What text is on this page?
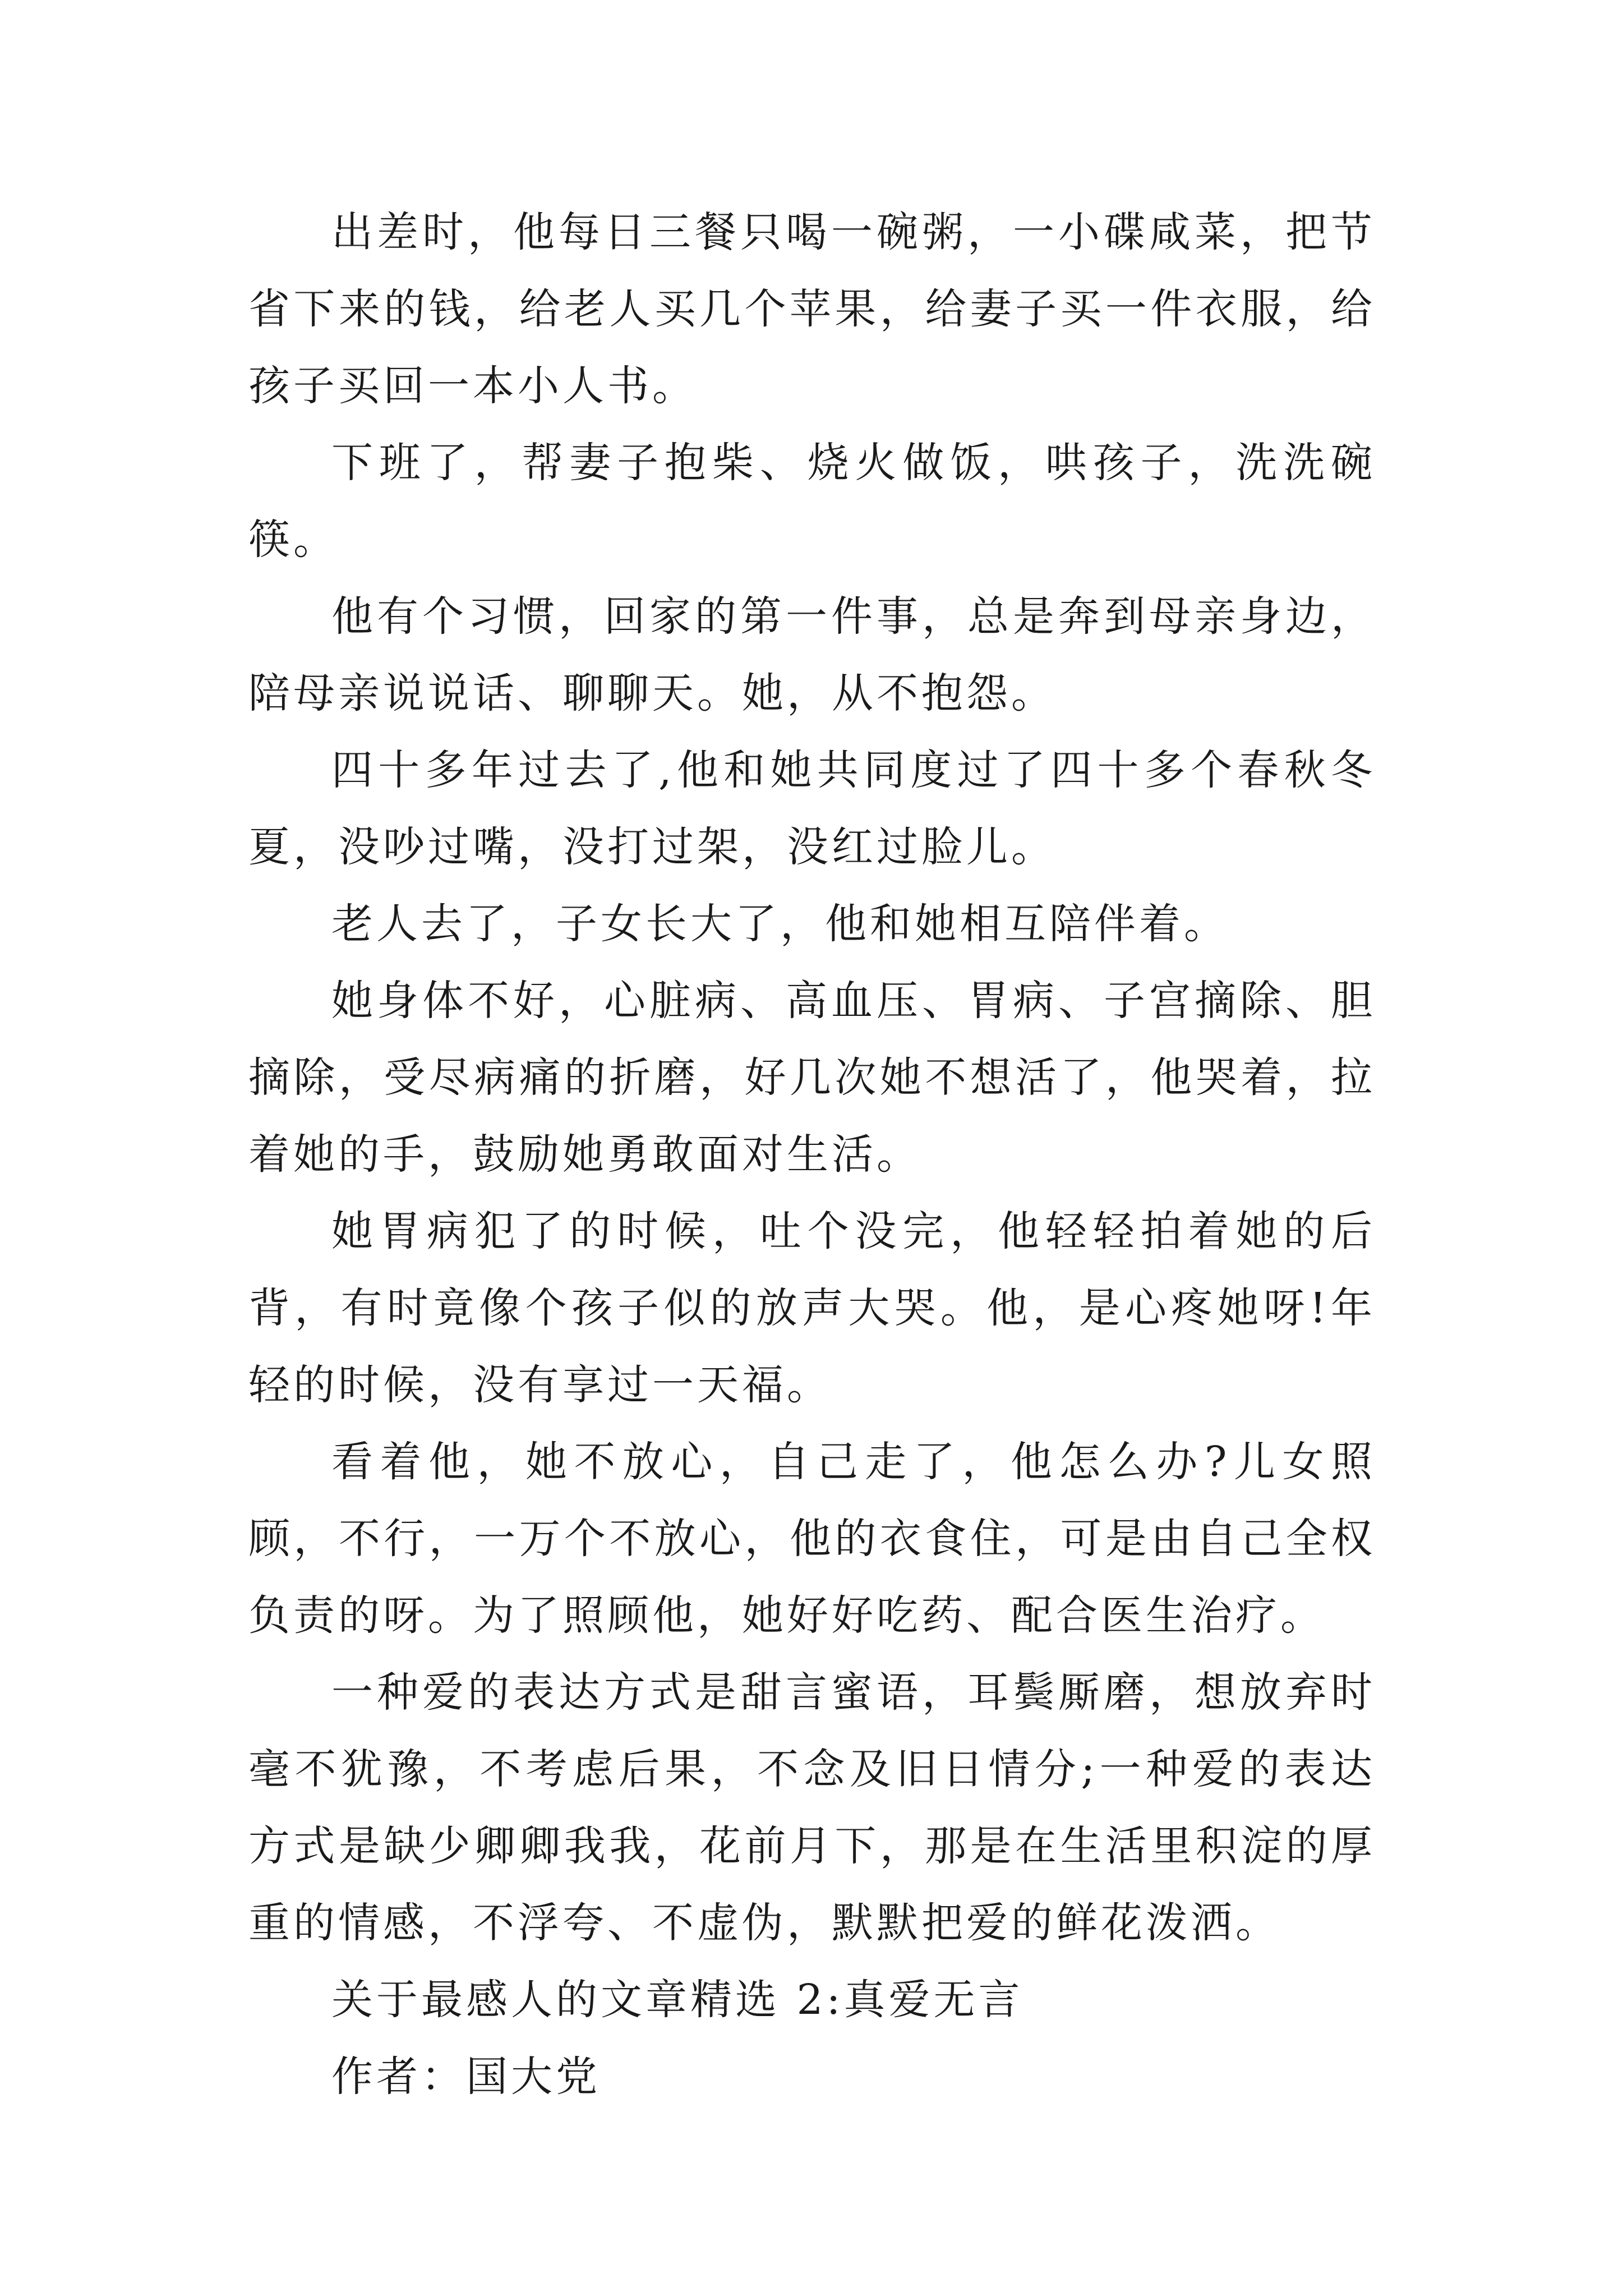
出差时，他每日三餐只喝一碗粥，一小碟咸菜，把节省下来的钱，给老人买几个苹果，给妻子买一件衣服，给孩子买回一本小人书。

下班了，帮妻子抱柴、烧火做饭，哄孩子，洗洗碗筷。

他有个习惯，回家的第一件事，总是奔到母亲身边，陪母亲说说话、聊聊天。她，从不抱怨。

四十多年过去了,他和她共同度过了四十多个春秋冬夏，没吵过嘴，没打过架，没红过脸儿。

老人去了，子女长大了，他和她相互陪伴着。

她身体不好，心脏病、高血压、胃病、子宫摘除、胆摘除，受尽病痛的折磨，好几次她不想活了，他哭着，拉着她的手，鼓励她勇敢面对生活。

她胃病犯了的时候，吐个没完，他轻轻拍着她的后背，有时竟像个孩子似的放声大哭。他，是心疼她呀!年轻的时候，没有享过一天福。

看着他，她不放心，自己走了，他怎么办?儿女照顾，不行，一万个不放心，他的衣食住，可是由自己全权负责的呀。为了照顾他，她好好吃药、配合医生治疗。

一种爱的表达方式是甜言蜜语，耳鬓厮磨，想放弃时毫不犹豫，不考虑后果，不念及旧日情分;一种爱的表达方式是缺少卿卿我我，花前月下，那是在生活里积淀的厚重的情感，不浮夸、不虚伪，默默把爱的鲜花泼洒。

关于最感人的文章精选 2:真爱无言

作者：国大党
